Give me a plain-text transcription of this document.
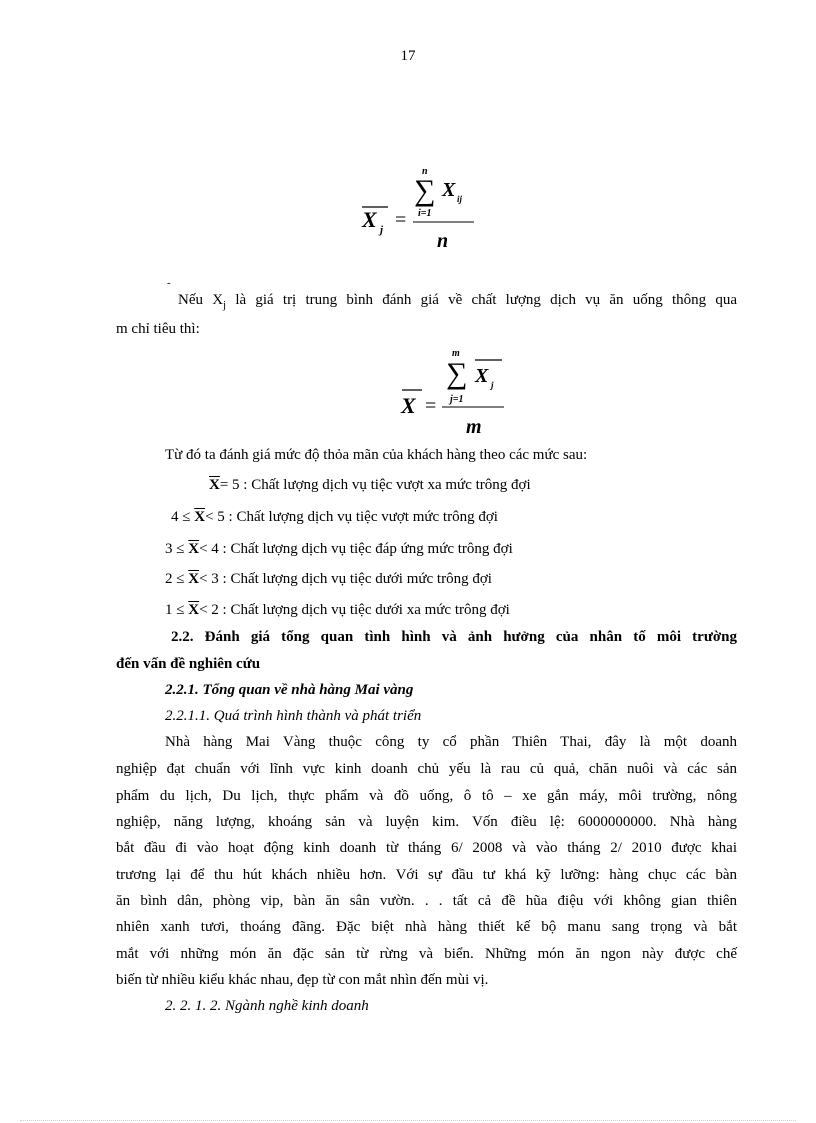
17
X j =
n
∑
i=1
X ij
n
-
Nếu $X_j$ là giá trị trung bình đánh giá về chất lượng dịch vụ ăn uống thông qua
m chỉ tiêu thì:
X =
m
∑
j=1
X j
m
Từ đó ta đánh giá mức độ thỏa mãn của khách hàng theo các mức sau:
$\overline{X}= 5$ : Chất lượng dịch vụ tiệc vượt xa mức trông đợi
$4 \le \overline{X}< 5$ : Chất lượng dịch vụ tiệc vượt mức trông đợi
$3 \le \overline{X}< 4$ : Chất lượng dịch vụ tiệc đáp ứng mức trông đợi
$2 \le \overline{X}< 3$ : Chất lượng dịch vụ tiệc dưới mức trông đợi
$1 \le \overline{X}< 2$ : Chất lượng dịch vụ tiệc dưới xa mức trông đợi
2.2. Đánh giá tổng quan tình hình và ảnh hưởng của nhân tố môi trường
đến vấn đề nghiên cứu
2.2.1. Tổng quan về nhà hàng Mai vàng
2.2.1.1. Quá trình hình thành và phát triển
Nhà hàng Mai Vàng thuộc công ty cổ phần Thiên Thai, đây là một doanh
nghiệp đạt chuẩn với lĩnh vực kinh doanh chủ yếu là rau củ quả, chăn nuôi và các sản
phẩm du lịch, Du lịch, thực phẩm và đồ uống, ô tô – xe gắn máy, môi trường, nông
nghiệp, năng lượng, khoáng sản và luyện kim. Vốn điều lệ: 6000000000. Nhà hàng
bắt đầu đi vào hoạt động kinh doanh từ tháng 6/ 2008 và vào tháng 2/ 2010 được khai
trương lại để thu hút khách nhiều hơn. Với sự đầu tư khá kỹ lưỡng: hàng chục các bàn
ăn bình dân, phòng vip, bàn ăn sân vườn. . . tất cả đề hũa điệu với không gian thiên
nhiên xanh tươi, thoáng đãng. Đặc biệt nhà hàng thiết kế bộ manu sang trọng và bắt
mắt với những món ăn đặc sản từ rừng và biển. Những món ăn ngon này được chế
biến từ nhiều kiểu khác nhau, đẹp từ con mắt nhìn đến mùi vị.
2. 2. 1. 2. Ngành nghề kinh doanh
